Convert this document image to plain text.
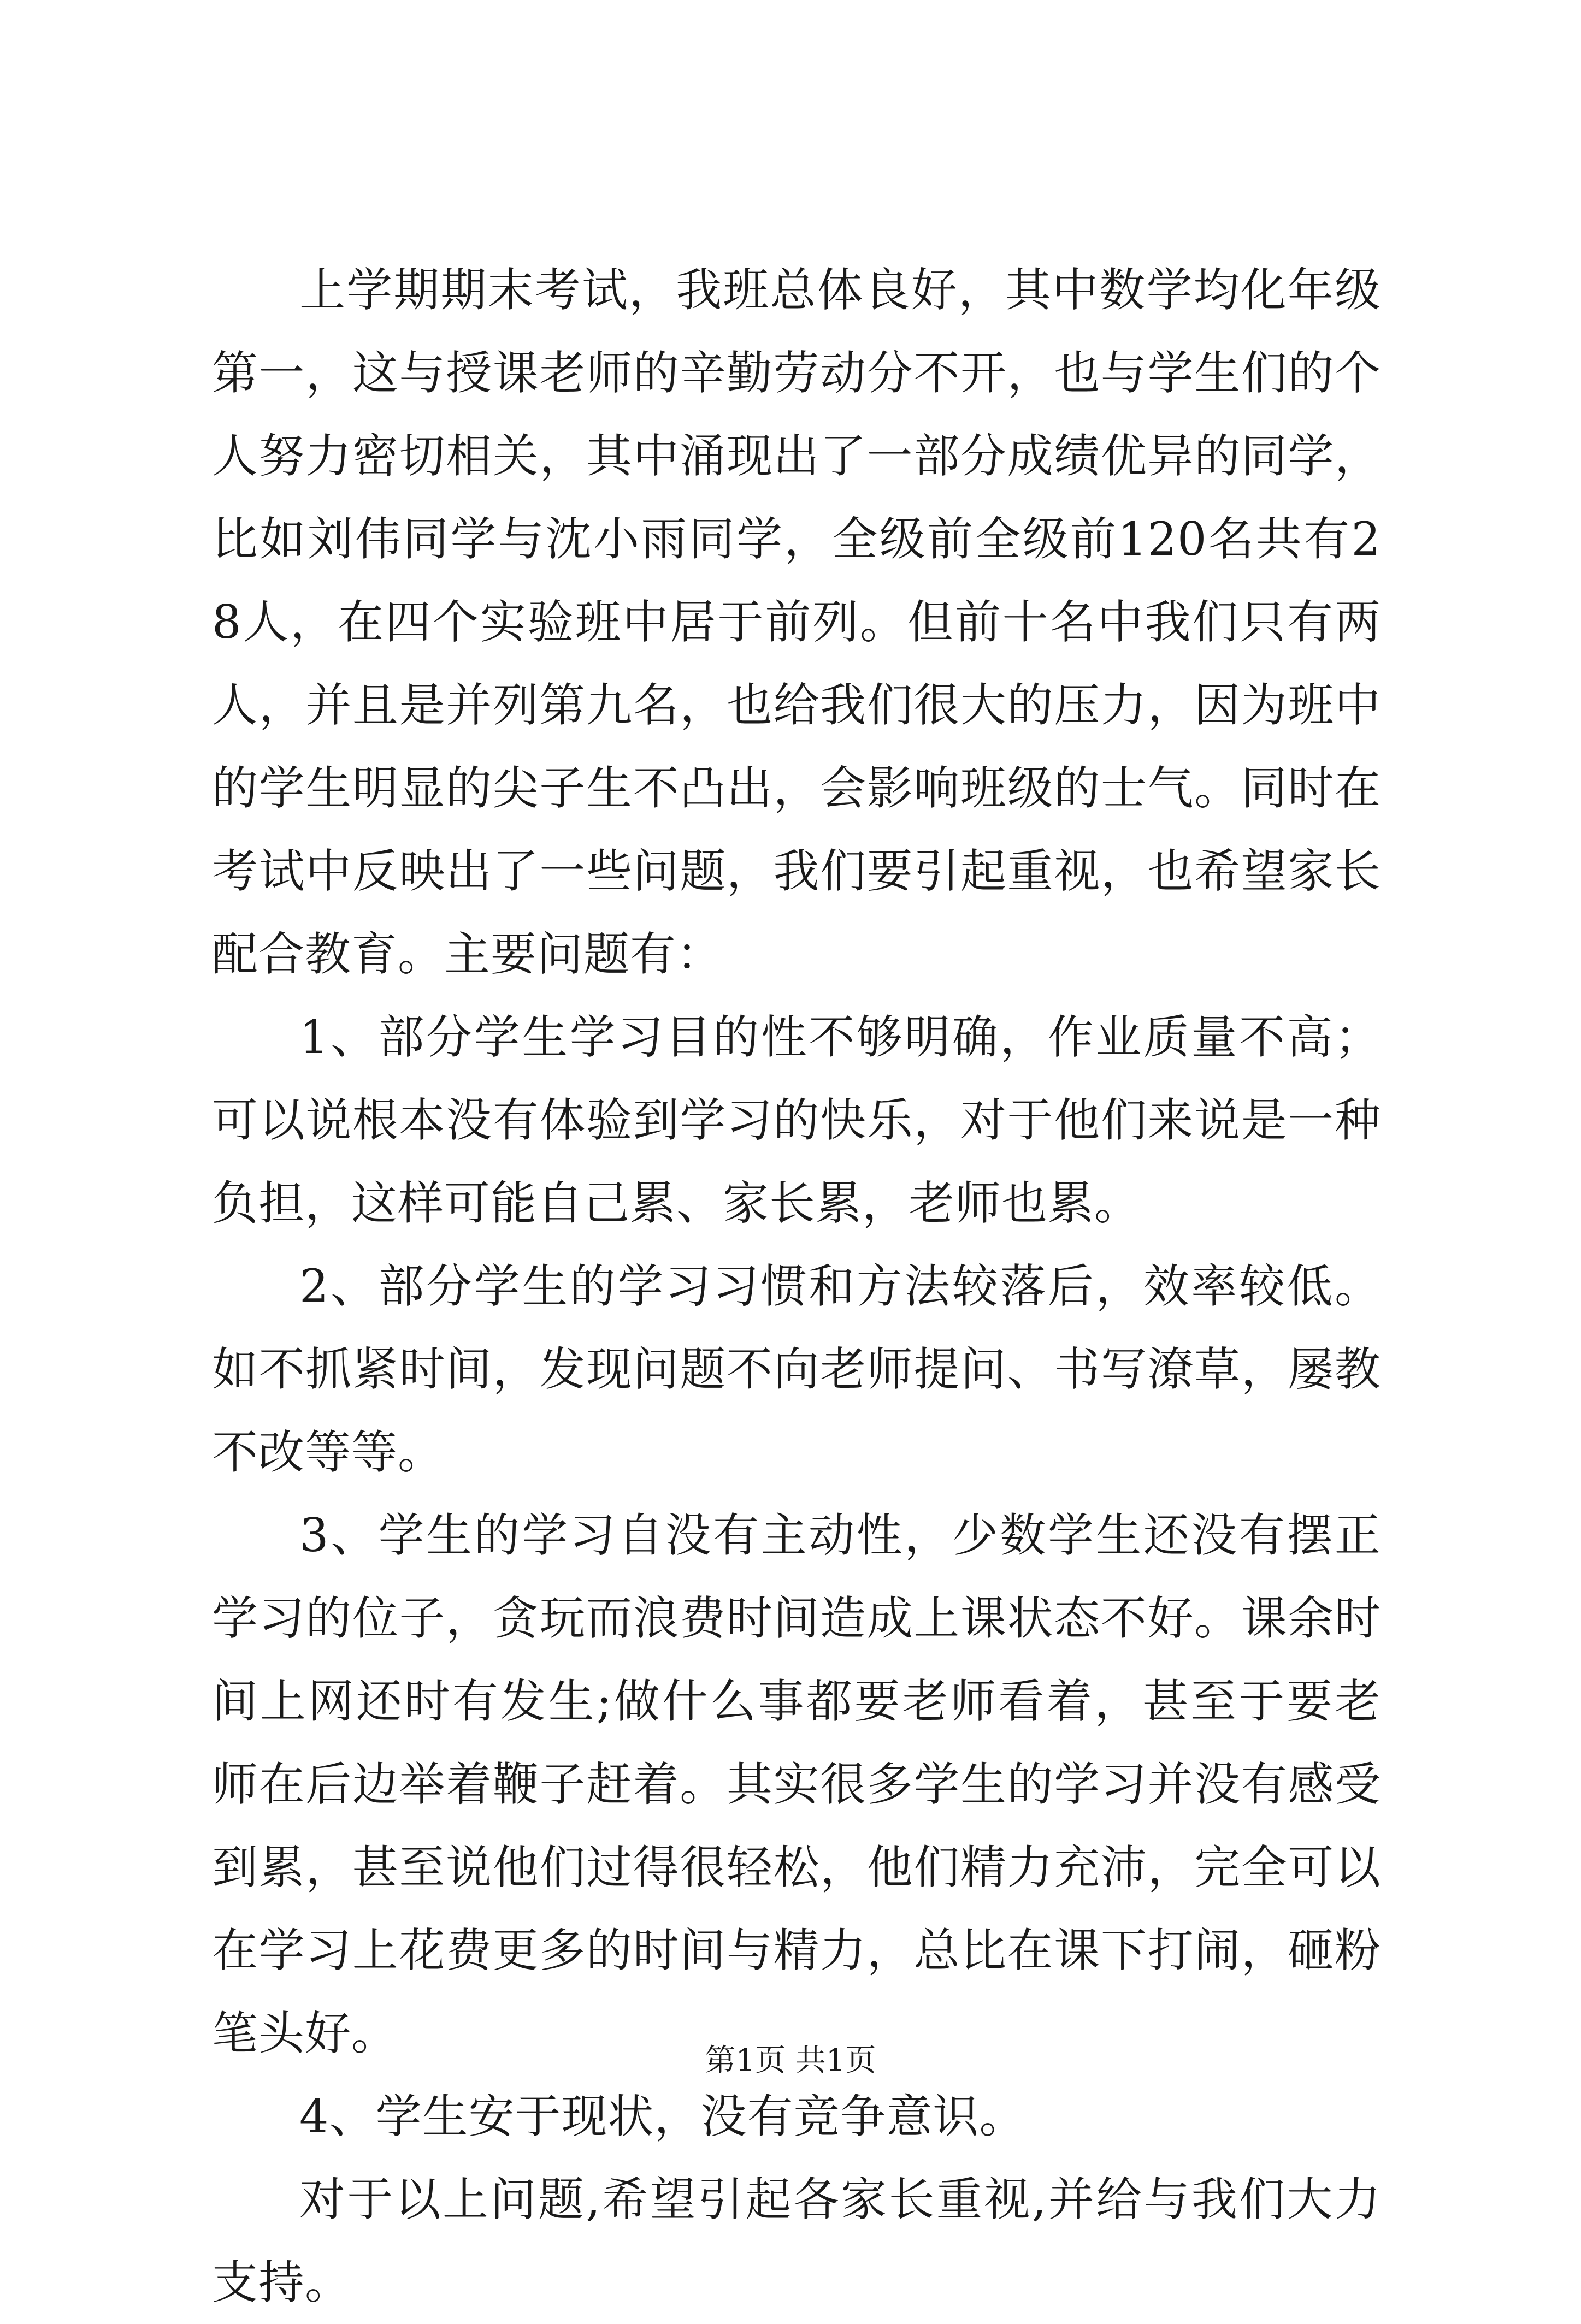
上学期期末考试，我班总体良好，其中数学均化年级第一，这与授课老师的辛勤劳动分不开，也与学生们的个人努力密切相关，其中涌现出了一部分成绩优异的同学，比如刘伟同学与沈小雨同学，全级前全级前120名共有28人，在四个实验班中居于前列。但前十名中我们只有两人，并且是并列第九名，也给我们很大的压力，因为班中的学生明显的尖子生不凸出，会影响班级的士气。同时在考试中反映出了一些问题，我们要引起重视，也希望家长配合教育。主要问题有：

1、部分学生学习目的性不够明确，作业质量不高；可以说根本没有体验到学习的快乐，对于他们来说是一种负担，这样可能自己累、家长累，老师也累。

2、部分学生的学习习惯和方法较落后，效率较低。如不抓紧时间，发现问题不向老师提问、书写潦草，屡教不改等等。

3、学生的学习自没有主动性，少数学生还没有摆正学习的位子，贪玩而浪费时间造成上课状态不好。课余时间上网还时有发生;做什么事都要老师看着，甚至于要老师在后边举着鞭子赶着。其实很多学生的学习并没有感受到累，甚至说他们过得很轻松，他们精力充沛，完全可以在学习上花费更多的时间与精力，总比在课下打闹，砸粉笔头好。

4、学生安于现状，没有竞争意识。

对于以上问题,希望引起各家长重视,并给与我们大力支持。

第1页 共1页
